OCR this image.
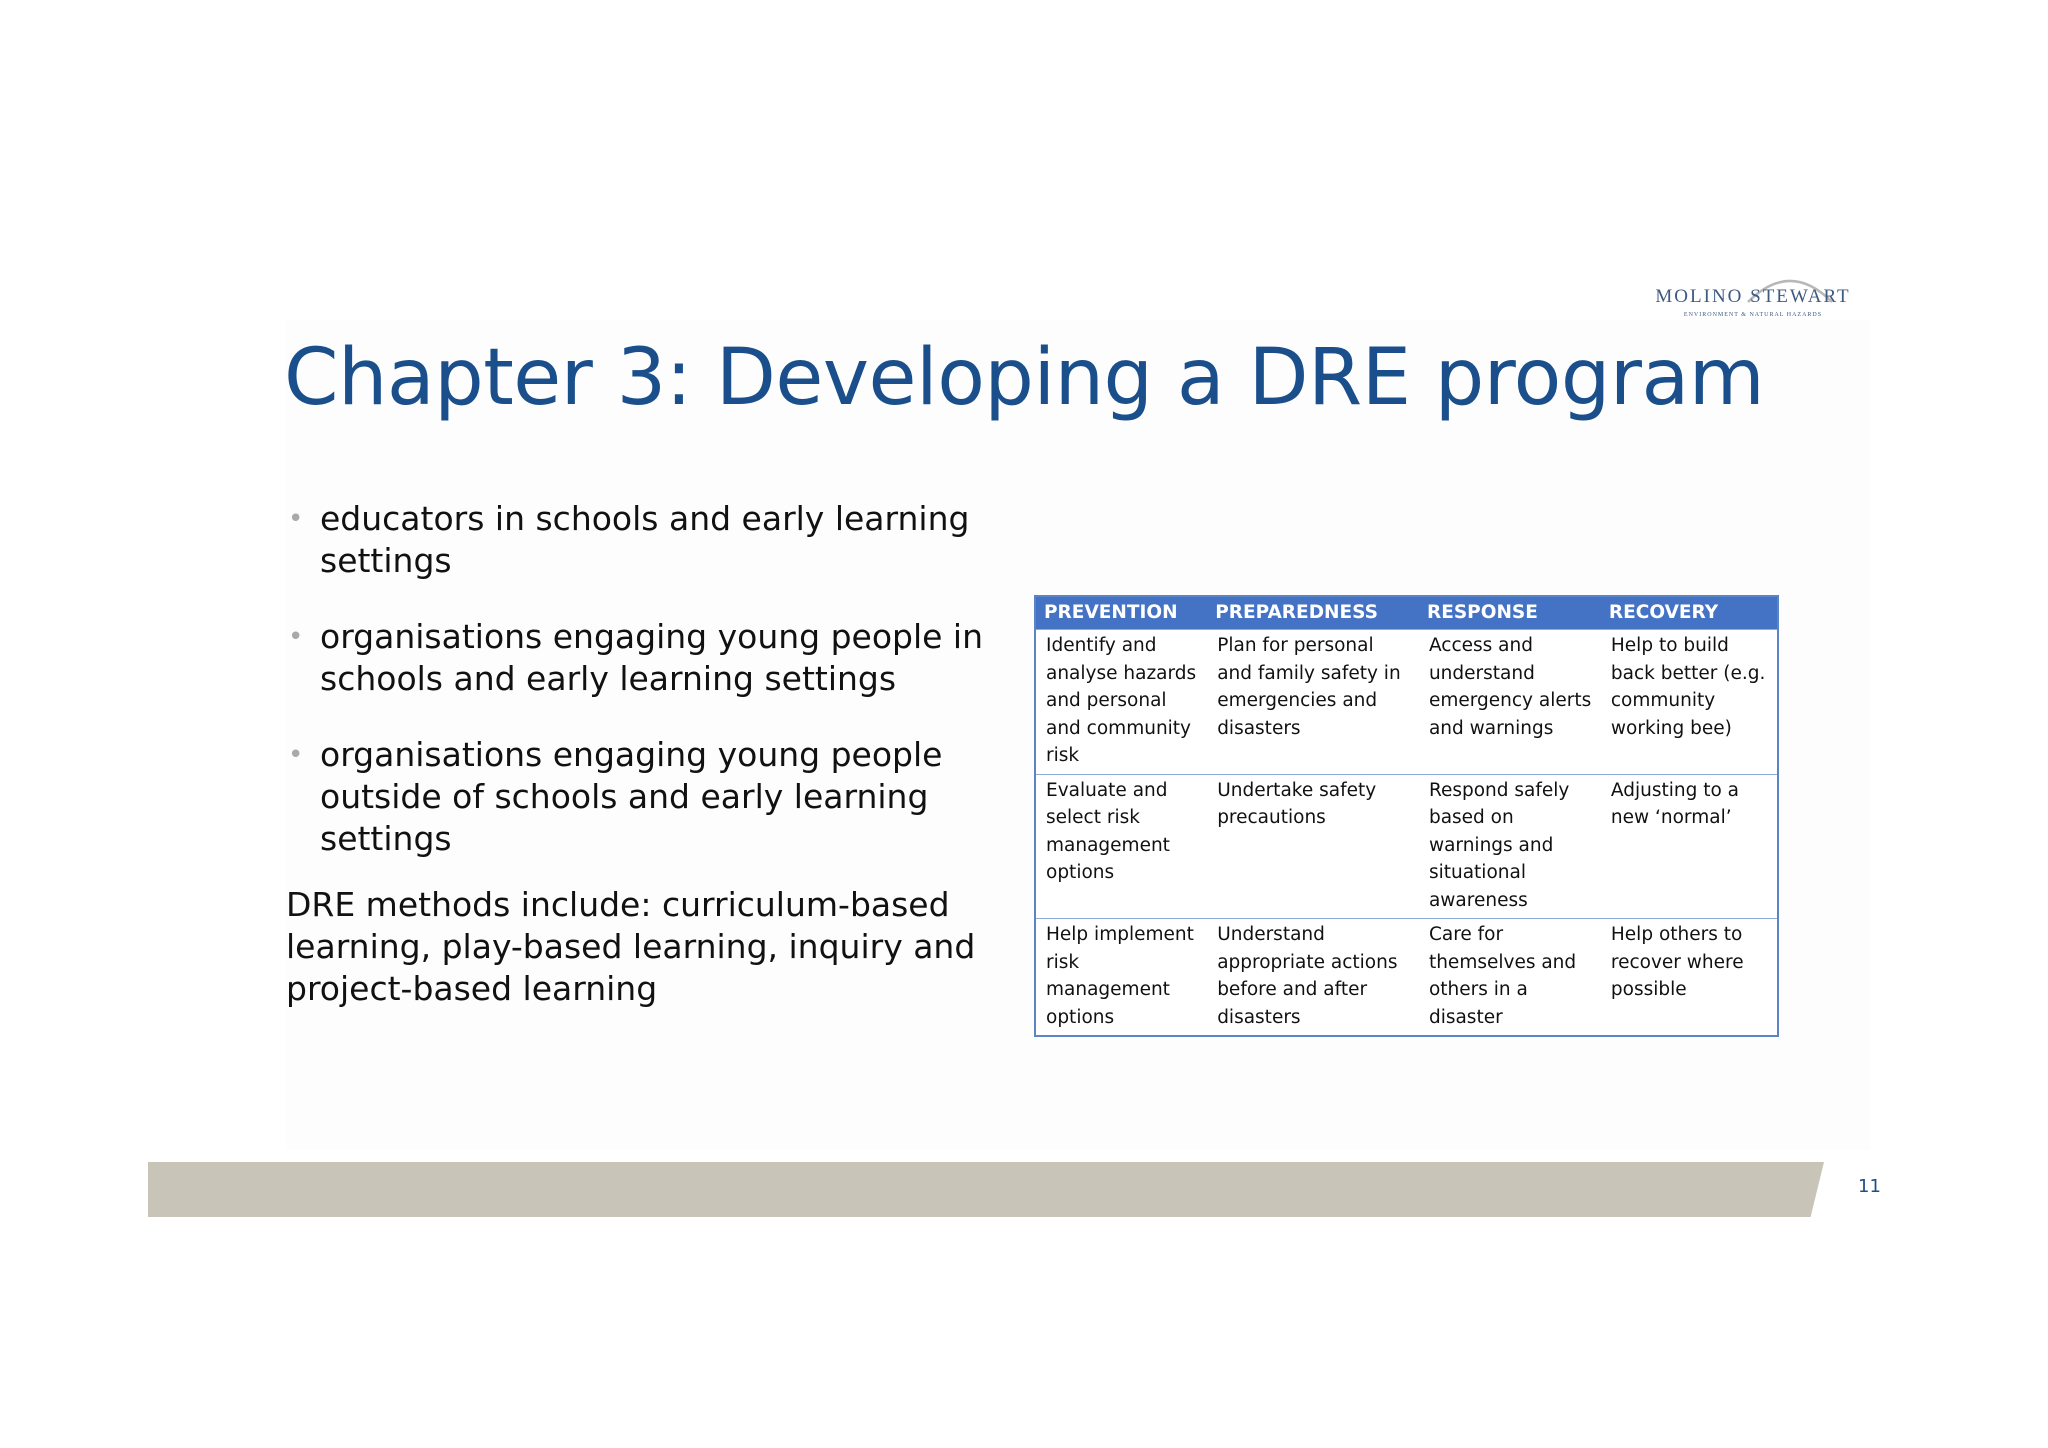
MOLINO STEWART
ENVIRONMENT & NATURAL HAZARDS
Chapter 3: Developing a DRE program
• educators in schools and early learning settings
• organisations engaging young people in schools and early learning settings
• organisations engaging young people outside of schools and early learning settings

DRE methods include: curriculum-based learning, play-based learning, inquiry and project-based learning

PREVENTION	PREPAREDNESS	RESPONSE	RECOVERY
Identify and analyse hazards and personal and community risk	Plan for personal and family safety in emergencies and disasters	Access and understand emergency alerts and warnings	Help to build back better (e.g. community working bee)
Evaluate and select risk management options	Undertake safety precautions	Respond safely based on warnings and situational awareness	Adjusting to a new ‘normal’
Help implement risk management options	Understand appropriate actions before and after disasters	Care for themselves and others in a disaster	Help others to recover where possible
11
